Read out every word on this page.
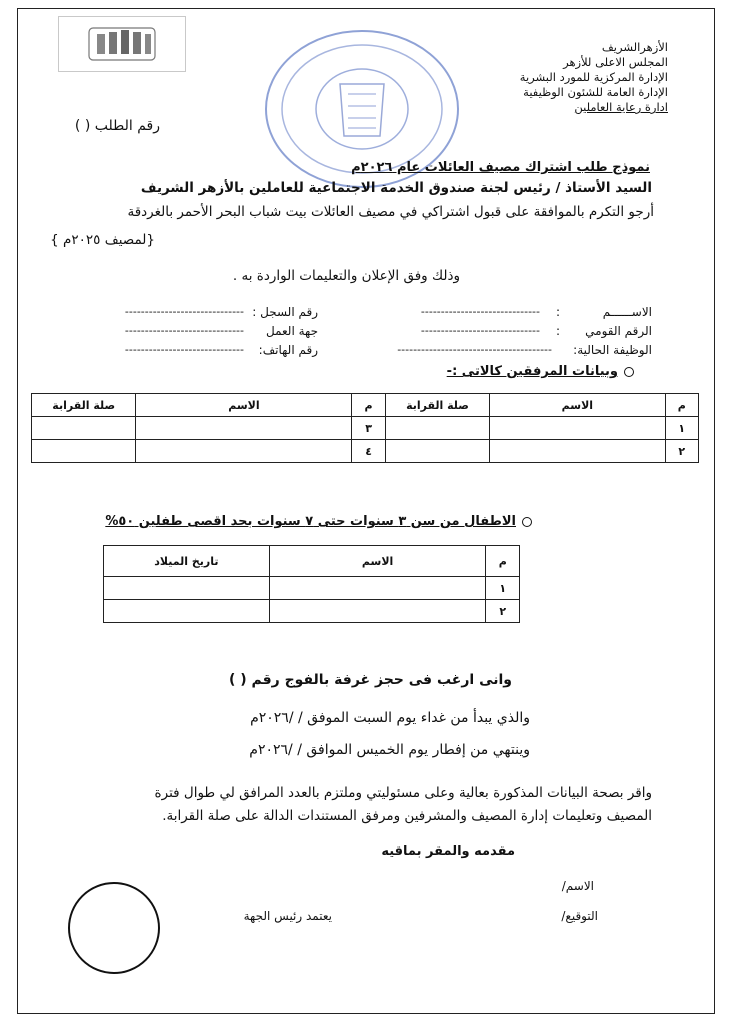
الأزهرالشريف
المجلس الاعلى للأزهر
الإدارة المركزية للمورد البشرية
الإدارة العامة للشئون الوظيفية
ادارة رعاية العاملين
رقم الطلب ( )
نموذج طلب اشتراك مصيف العائلات عام ٢٠٢٦م
السيد الأستاذ / رئيس لجنة صندوق الخدمة الاجتماعية للعاملين بالأزهر الشريف
أرجو التكرم بالموافقة على قبول اشتراكي في مصيف العائلات بيت شباب البحر الأحمر بالغردقة
{لمصيف ٢٠٢٥م }
وذلك وفق الإعلان والتعليمات الواردة به .
الاســــــم
:
------------------------------
الرقم القومي
:
------------------------------
الوظيفة الحالية:
---------------------------------------
رقم السجل :
------------------------------
جهة العمل
------------------------------
رقم الهاتف:
------------------------------
وبيانات المرفقين كالاتى :-
م	الاسم	صلة القرابة	م	الاسم	صلة القرابة
١			٣		
٢			٤		
الاطفال من سن ٣ سنوات حتى ٧ سنوات بحد اقصى طفلين ٥٠%
م	الاسم	تاريخ الميلاد
١		
٢		
وانى ارغب فى حجز غرفة بالفوج رقم ( )
والذي يبدأ من غداء يوم السبت الموفق / /٢٠٢٦م
وينتهي من إفطار يوم الخميس الموافق / /٢٠٢٦م
واقر بصحة البيانات المذكورة بعالية وعلى مسئوليتي وملتزم بالعدد المرافق لي طوال فترة
المصيف وتعليمات إدارة المصيف والمشرفين ومرفق المستندات الدالة على صلة القرابة.
مقدمه والمقر بماقيه
الاسم/
التوقيع/
يعتمد رئيس الجهة
